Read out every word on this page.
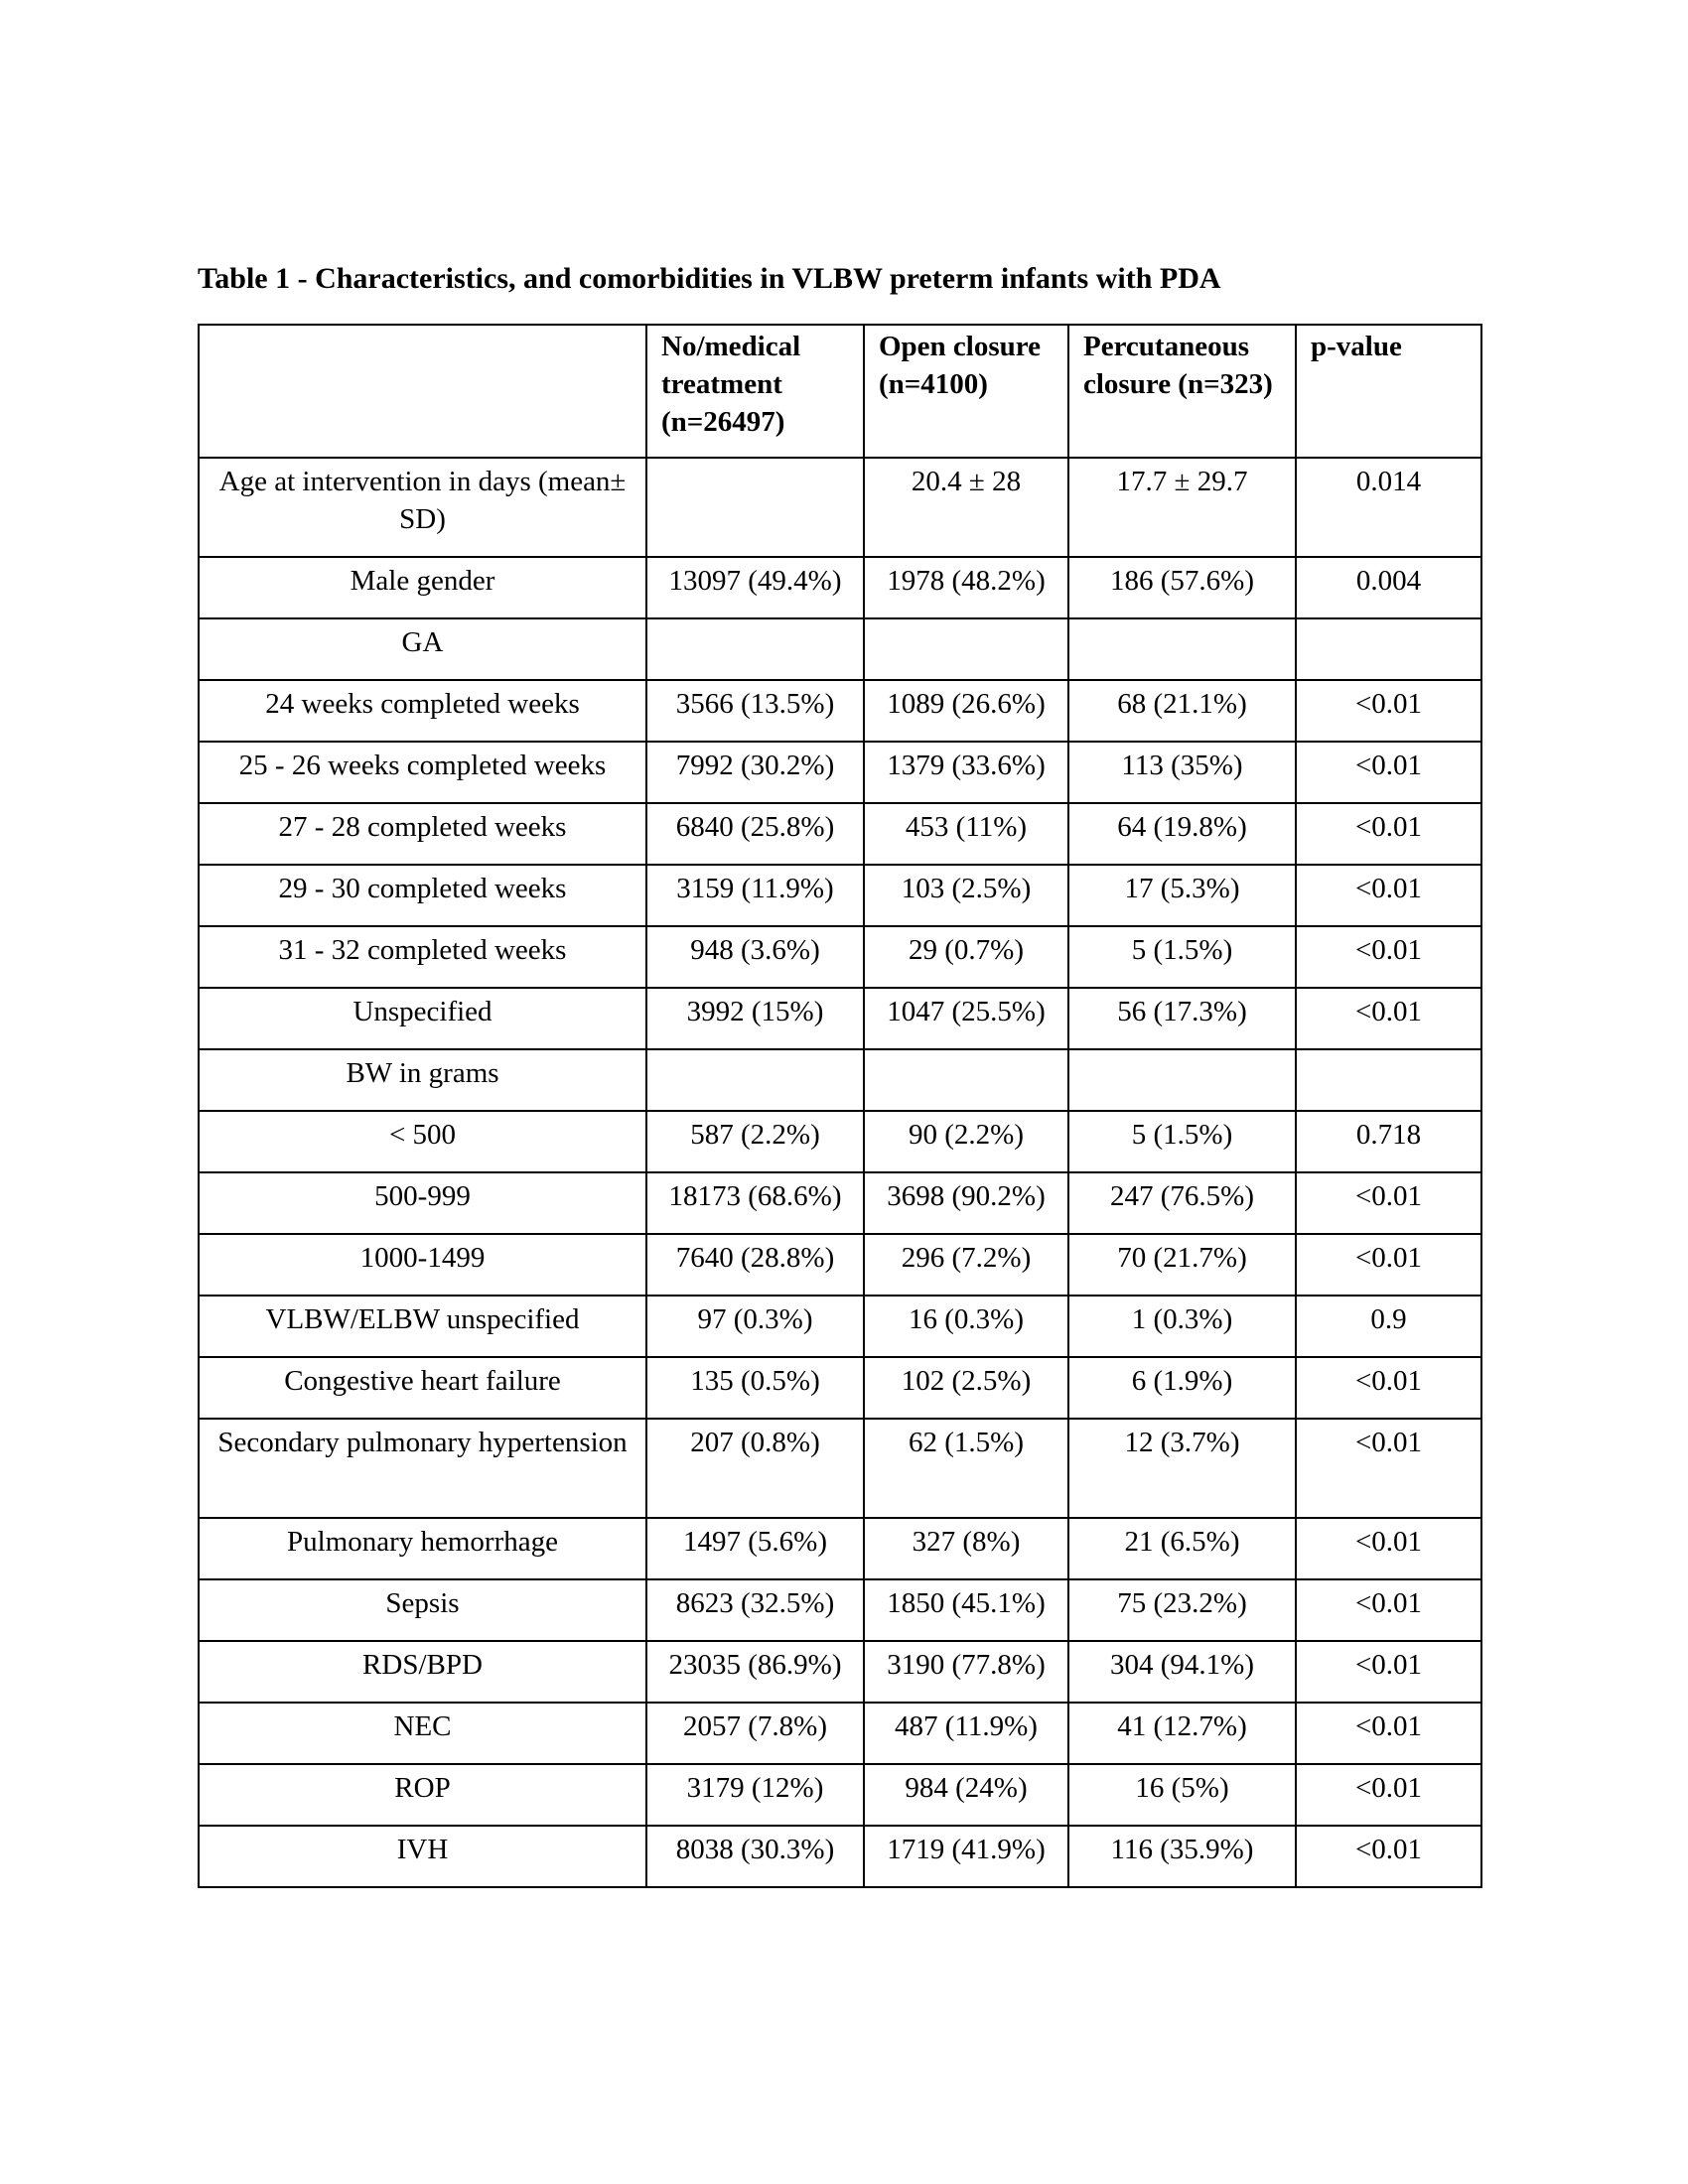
Table 1 - Characteristics, and comorbidities in VLBW preterm infants with PDA
	No/medical treatment (n=26497)	Open closure (n=4100)	Percutaneous closure (n=323)	p-value
Age at intervention in days (mean± SD)		20.4 ± 28	17.7 ± 29.7	0.014
Male gender	13097 (49.4%)	1978 (48.2%)	186 (57.6%)	0.004
GA				
24 weeks completed weeks	3566 (13.5%)	1089 (26.6%)	68 (21.1%)	<0.01
25 - 26 weeks completed weeks	7992 (30.2%)	1379 (33.6%)	113 (35%)	<0.01
27 - 28 completed weeks	6840 (25.8%)	453 (11%)	64 (19.8%)	<0.01
29 - 30 completed weeks	3159 (11.9%)	103 (2.5%)	17 (5.3%)	<0.01
31 - 32 completed weeks	948 (3.6%)	29 (0.7%)	5 (1.5%)	<0.01
Unspecified	3992 (15%)	1047 (25.5%)	56 (17.3%)	<0.01
BW in grams				
< 500	587 (2.2%)	90 (2.2%)	5 (1.5%)	0.718
500-999	18173 (68.6%)	3698 (90.2%)	247 (76.5%)	<0.01
1000-1499	7640 (28.8%)	296 (7.2%)	70 (21.7%)	<0.01
VLBW/ELBW unspecified	97 (0.3%)	16 (0.3%)	1 (0.3%)	0.9
Congestive heart failure	135 (0.5%)	102 (2.5%)	6 (1.9%)	<0.01
Secondary pulmonary hypertension	207 (0.8%)	62 (1.5%)	12 (3.7%)	<0.01
Pulmonary hemorrhage	1497 (5.6%)	327 (8%)	21 (6.5%)	<0.01
Sepsis	8623 (32.5%)	1850 (45.1%)	75 (23.2%)	<0.01
RDS/BPD	23035 (86.9%)	3190 (77.8%)	304 (94.1%)	<0.01
NEC	2057 (7.8%)	487 (11.9%)	41 (12.7%)	<0.01
ROP	3179 (12%)	984 (24%)	16 (5%)	<0.01
IVH	8038 (30.3%)	1719 (41.9%)	116 (35.9%)	<0.01
